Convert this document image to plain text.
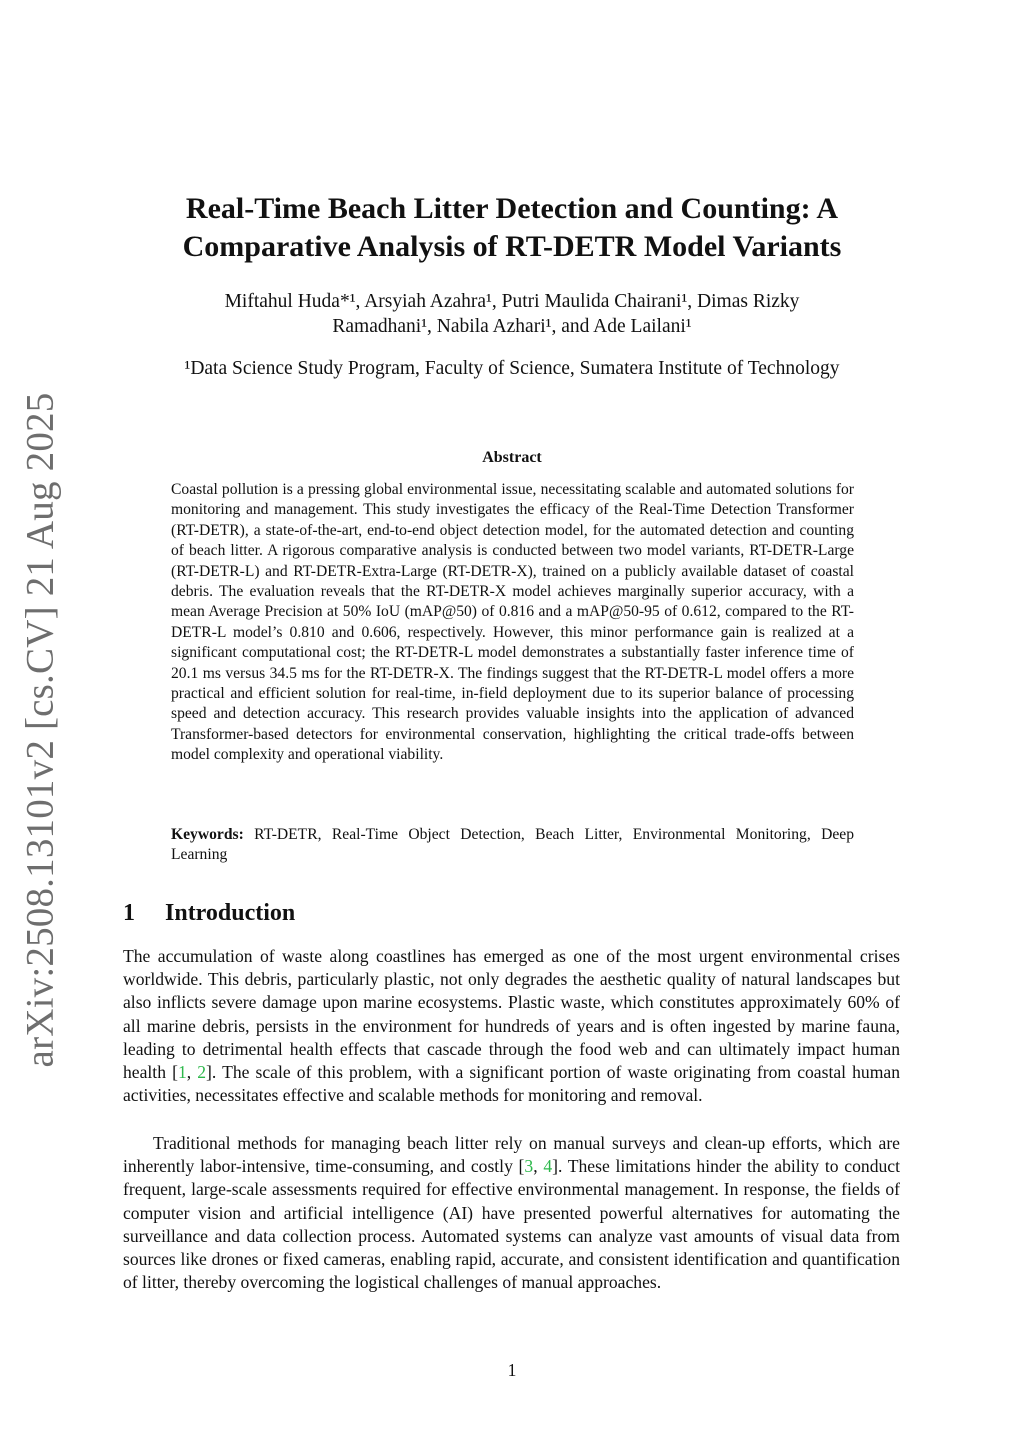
arXiv:2508.13101v2 [cs.CV] 21 Aug 2025
Real-Time Beach Litter Detection and Counting: A
Comparative Analysis of RT-DETR Model Variants
Miftahul Huda*¹, Arsyiah Azahra¹, Putri Maulida Chairani¹, Dimas Rizky
Ramadhani¹, Nabila Azhari¹, and Ade Lailani¹
¹Data Science Study Program, Faculty of Science, Sumatera Institute of Technology
Abstract

Coastal pollution is a pressing global environmental issue, necessitating scalable and automated solutions for monitoring and management. This study investigates the efficacy of the Real-Time Detection Transformer (RT-DETR), a state-of-the-art, end-to-end object detection model, for the automated detection and counting of beach litter. A rigorous comparative analysis is conducted between two model variants, RT-DETR-Large (RT-DETR-L) and RT-DETR-Extra-Large (RT-DETR-X), trained on a publicly available dataset of coastal debris. The evaluation reveals that the RT-DETR-X model achieves marginally superior accuracy, with a mean Average Precision at 50% IoU (mAP@50) of 0.816 and a mAP@50-95 of 0.612, compared to the RT-DETR-L model’s 0.810 and 0.606, respectively. However, this minor performance gain is realized at a significant computational cost; the RT-DETR-L model demonstrates a substantially faster inference time of 20.1 ms versus 34.5 ms for the RT-DETR-X. The findings suggest that the RT-DETR-L model offers a more practical and efficient solution for real-time, in-field deployment due to its superior balance of processing speed and detection accuracy. This research provides valuable insights into the application of advanced Transformer-based detectors for environmental conservation, highlighting the critical trade-offs between model complexity and operational viability.

Keywords: RT-DETR, Real-Time Object Detection, Beach Litter, Environmental Monitoring, Deep Learning

1 Introduction

The accumulation of waste along coastlines has emerged as one of the most urgent environmental crises worldwide. This debris, particularly plastic, not only degrades the aesthetic quality of natural landscapes but also inflicts severe damage upon marine ecosystems. Plastic waste, which constitutes approximately 60% of all marine debris, persists in the environment for hundreds of years and is often ingested by marine fauna, leading to detrimental health effects that cascade through the food web and can ultimately impact human health [1, 2]. The scale of this problem, with a significant portion of waste originating from coastal human activities, necessitates effective and scalable methods for monitoring and removal.

Traditional methods for managing beach litter rely on manual surveys and clean-up efforts, which are inherently labor-intensive, time-consuming, and costly [3, 4]. These limitations hinder the ability to conduct frequent, large-scale assessments required for effective environmental management. In response, the fields of computer vision and artificial intelligence (AI) have presented powerful alternatives for automating the surveillance and data collection process. Automated systems can analyze vast amounts of visual data from sources like drones or fixed cameras, enabling rapid, accurate, and consistent identification and quantification of litter, thereby overcoming the logistical challenges of manual approaches.

1
